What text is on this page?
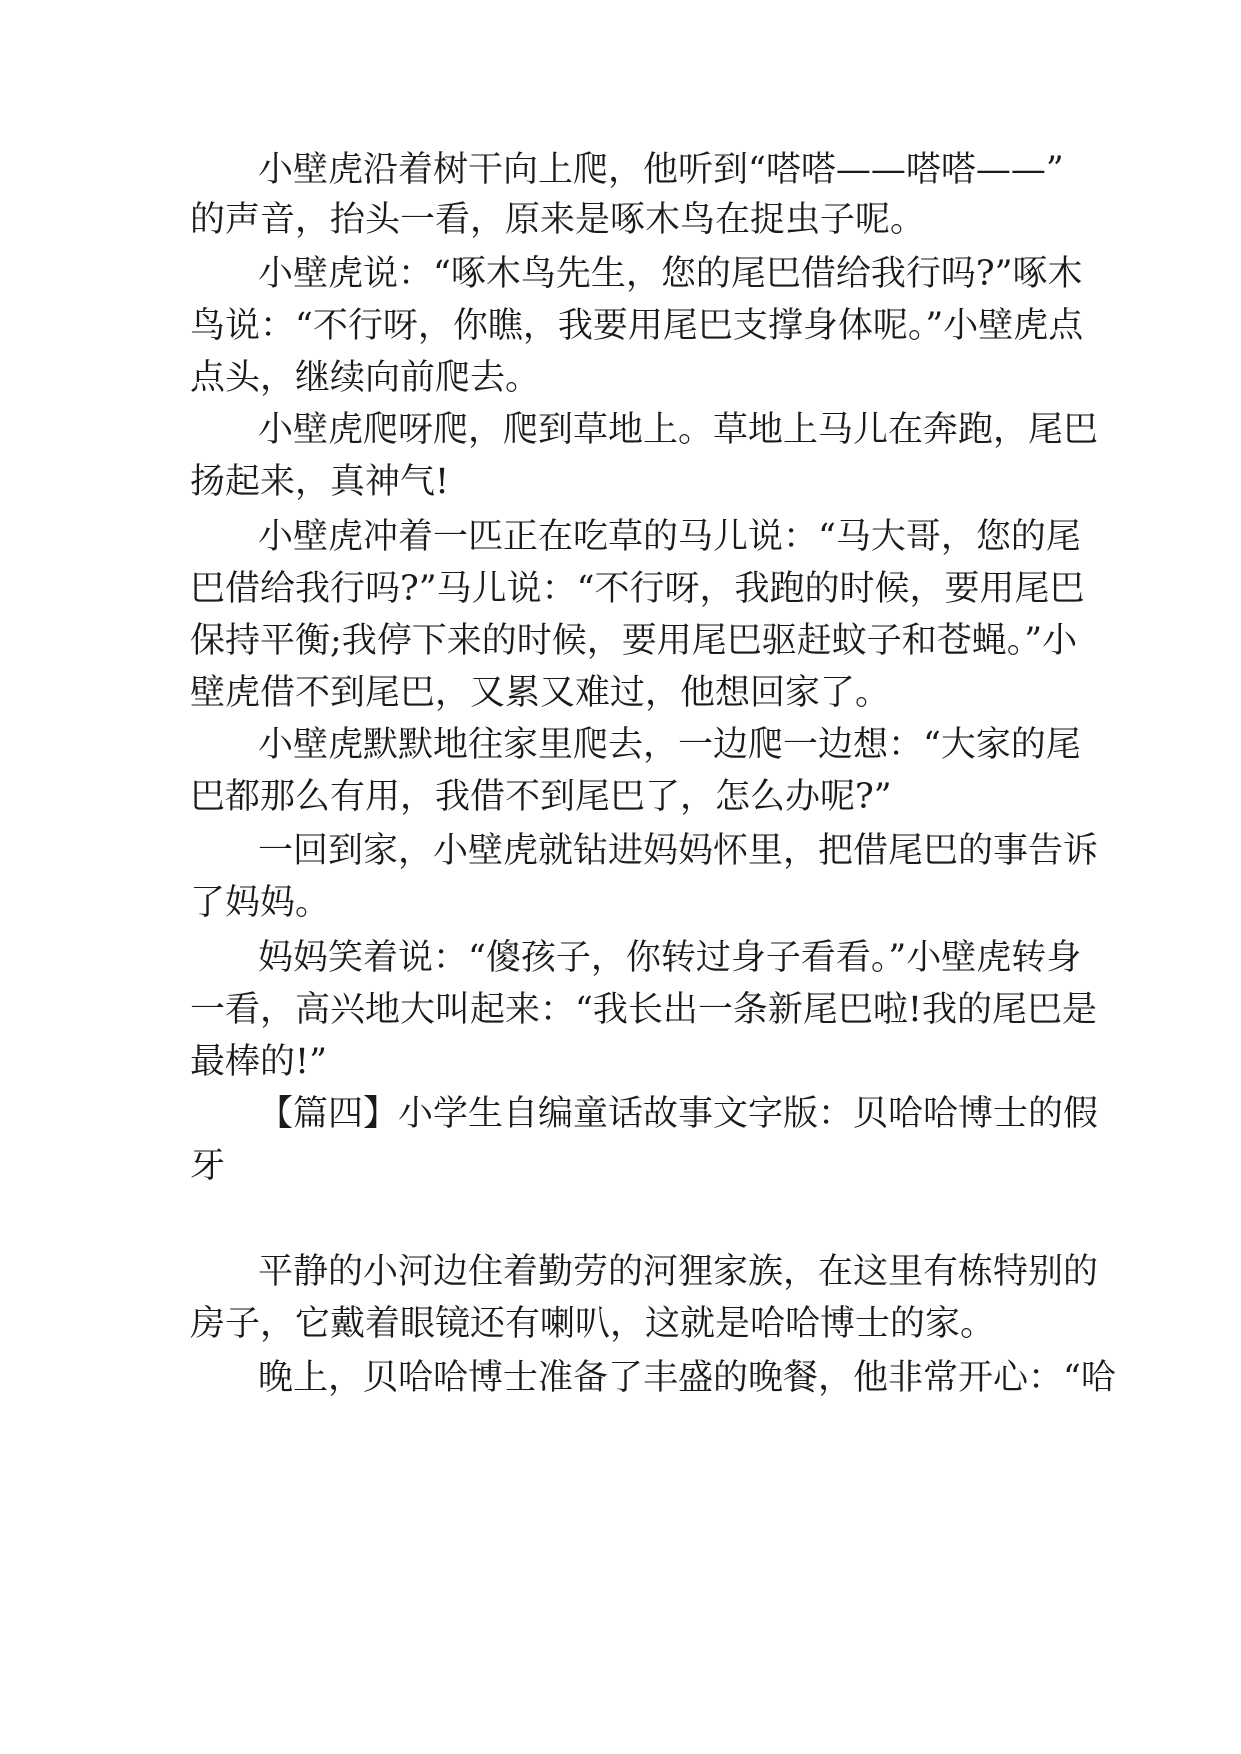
小壁虎沿着树干向上爬，他听到“嗒嗒——嗒嗒——”
的声音，抬头一看，原来是啄木鸟在捉虫子呢。
小壁虎说：“啄木鸟先生，您的尾巴借给我行吗?”啄木
鸟说：“不行呀，你瞧，我要用尾巴支撑身体呢。”小壁虎点
点头，继续向前爬去。
小壁虎爬呀爬，爬到草地上。草地上马儿在奔跑，尾巴
扬起来，真神气!
小壁虎冲着一匹正在吃草的马儿说：“马大哥，您的尾
巴借给我行吗?”马儿说：“不行呀，我跑的时候，要用尾巴
保持平衡;我停下来的时候，要用尾巴驱赶蚊子和苍蝇。”小
壁虎借不到尾巴，又累又难过，他想回家了。
小壁虎默默地往家里爬去，一边爬一边想：“大家的尾
巴都那么有用，我借不到尾巴了，怎么办呢?”
一回到家，小壁虎就钻进妈妈怀里，把借尾巴的事告诉
了妈妈。
妈妈笑着说：“傻孩子，你转过身子看看。”小壁虎转身
一看，高兴地大叫起来：“我长出一条新尾巴啦!我的尾巴是
最棒的!”
【篇四】小学生自编童话故事文字版：贝哈哈博士的假
牙
平静的小河边住着勤劳的河狸家族，在这里有栋特别的
房子，它戴着眼镜还有喇叭，这就是哈哈博士的家。
晚上，贝哈哈博士准备了丰盛的晚餐，他非常开心：“哈
